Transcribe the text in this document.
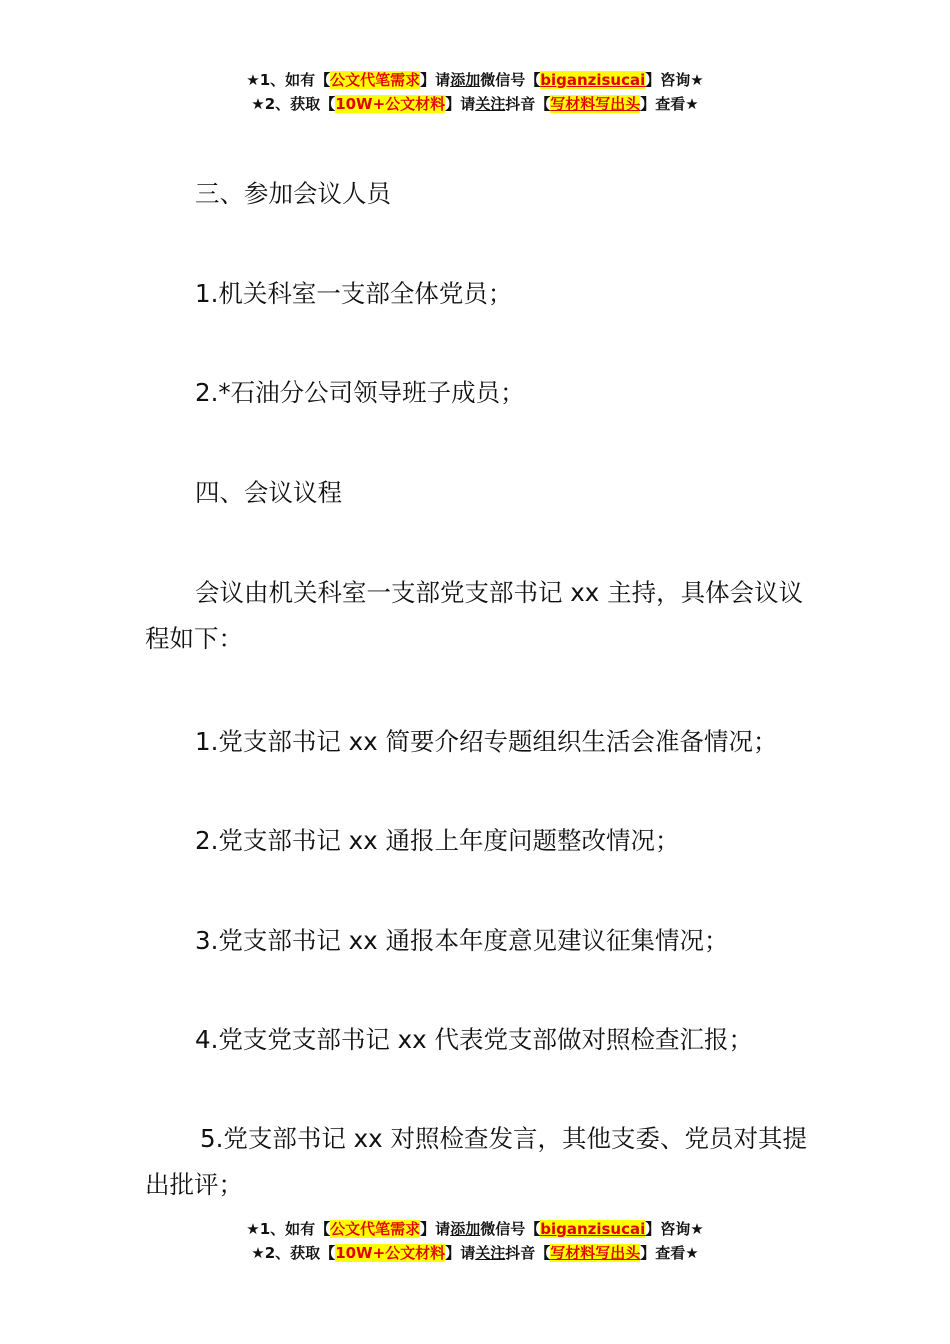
★1、如有【公文代笔需求】请添加微信号【biganzisucai】咨询★
★2、获取【10W+公文材料】请关注抖音【写材料写出头】查看★

三、参加会议人员

1.机关科室一支部全体党员；

2.*石油分公司领导班子成员；

四、会议议程

会议由机关科室一支部党支部书记 xx 主持，具体会议议程如下：

1.党支部书记 xx 简要介绍专题组织生活会准备情况；

2.党支部书记 xx 通报上年度问题整改情况；

3.党支部书记 xx 通报本年度意见建议征集情况；

4.党支党支部书记 xx 代表党支部做对照检查汇报；

5.党支部书记 xx 对照检查发言，其他支委、党员对其提出批评；

★1、如有【公文代笔需求】请添加微信号【biganzisucai】咨询★
★2、获取【10W+公文材料】请关注抖音【写材料写出头】查看★
